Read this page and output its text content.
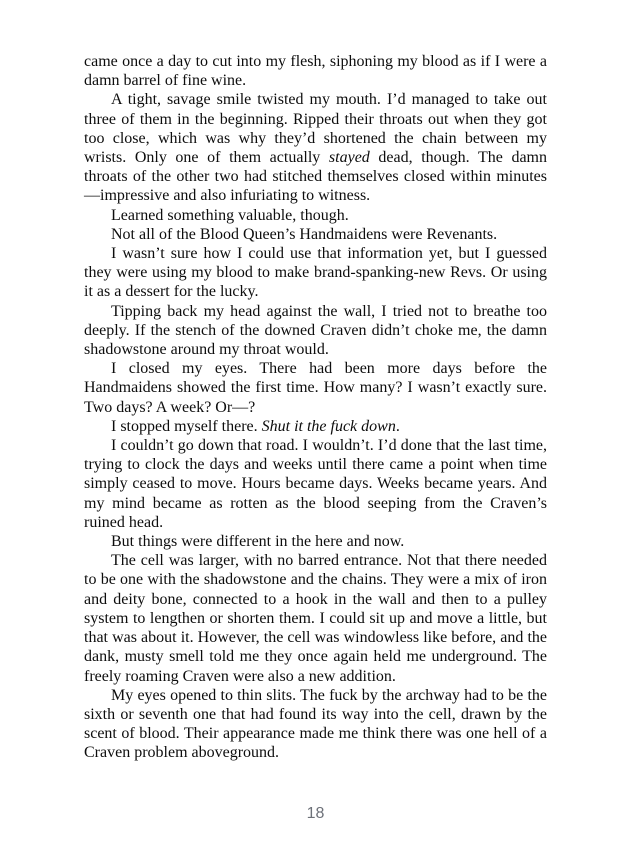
came once a day to cut into my flesh, siphoning my blood as if I were a damn barrel of fine wine.

A tight, savage smile twisted my mouth. I’d managed to take out three of them in the beginning. Ripped their throats out when they got too close, which was why they’d shortened the chain between my wrists. Only one of them actually stayed dead, though. The damn throats of the other two had stitched themselves closed within minutes—impressive and also infuriating to witness.

Learned something valuable, though.

Not all of the Blood Queen’s Handmaidens were Revenants.

I wasn’t sure how I could use that information yet, but I guessed they were using my blood to make brand-spanking-new Revs. Or using it as a dessert for the lucky.

Tipping back my head against the wall, I tried not to breathe too deeply. If the stench of the downed Craven didn’t choke me, the damn shadowstone around my throat would.

I closed my eyes. There had been more days before the Handmaidens showed the first time. How many? I wasn’t exactly sure. Two days? A week? Or—?

I stopped myself there. Shut it the fuck down.

I couldn’t go down that road. I wouldn’t. I’d done that the last time, trying to clock the days and weeks until there came a point when time simply ceased to move. Hours became days. Weeks became years. And my mind became as rotten as the blood seeping from the Craven’s ruined head.

But things were different in the here and now.

The cell was larger, with no barred entrance. Not that there needed to be one with the shadowstone and the chains. They were a mix of iron and deity bone, connected to a hook in the wall and then to a pulley system to lengthen or shorten them. I could sit up and move a little, but that was about it. However, the cell was windowless like before, and the dank, musty smell told me they once again held me underground. The freely roaming Craven were also a new addition.

My eyes opened to thin slits. The fuck by the archway had to be the sixth or seventh one that had found its way into the cell, drawn by the scent of blood. Their appearance made me think there was one hell of a Craven problem aboveground.

18
